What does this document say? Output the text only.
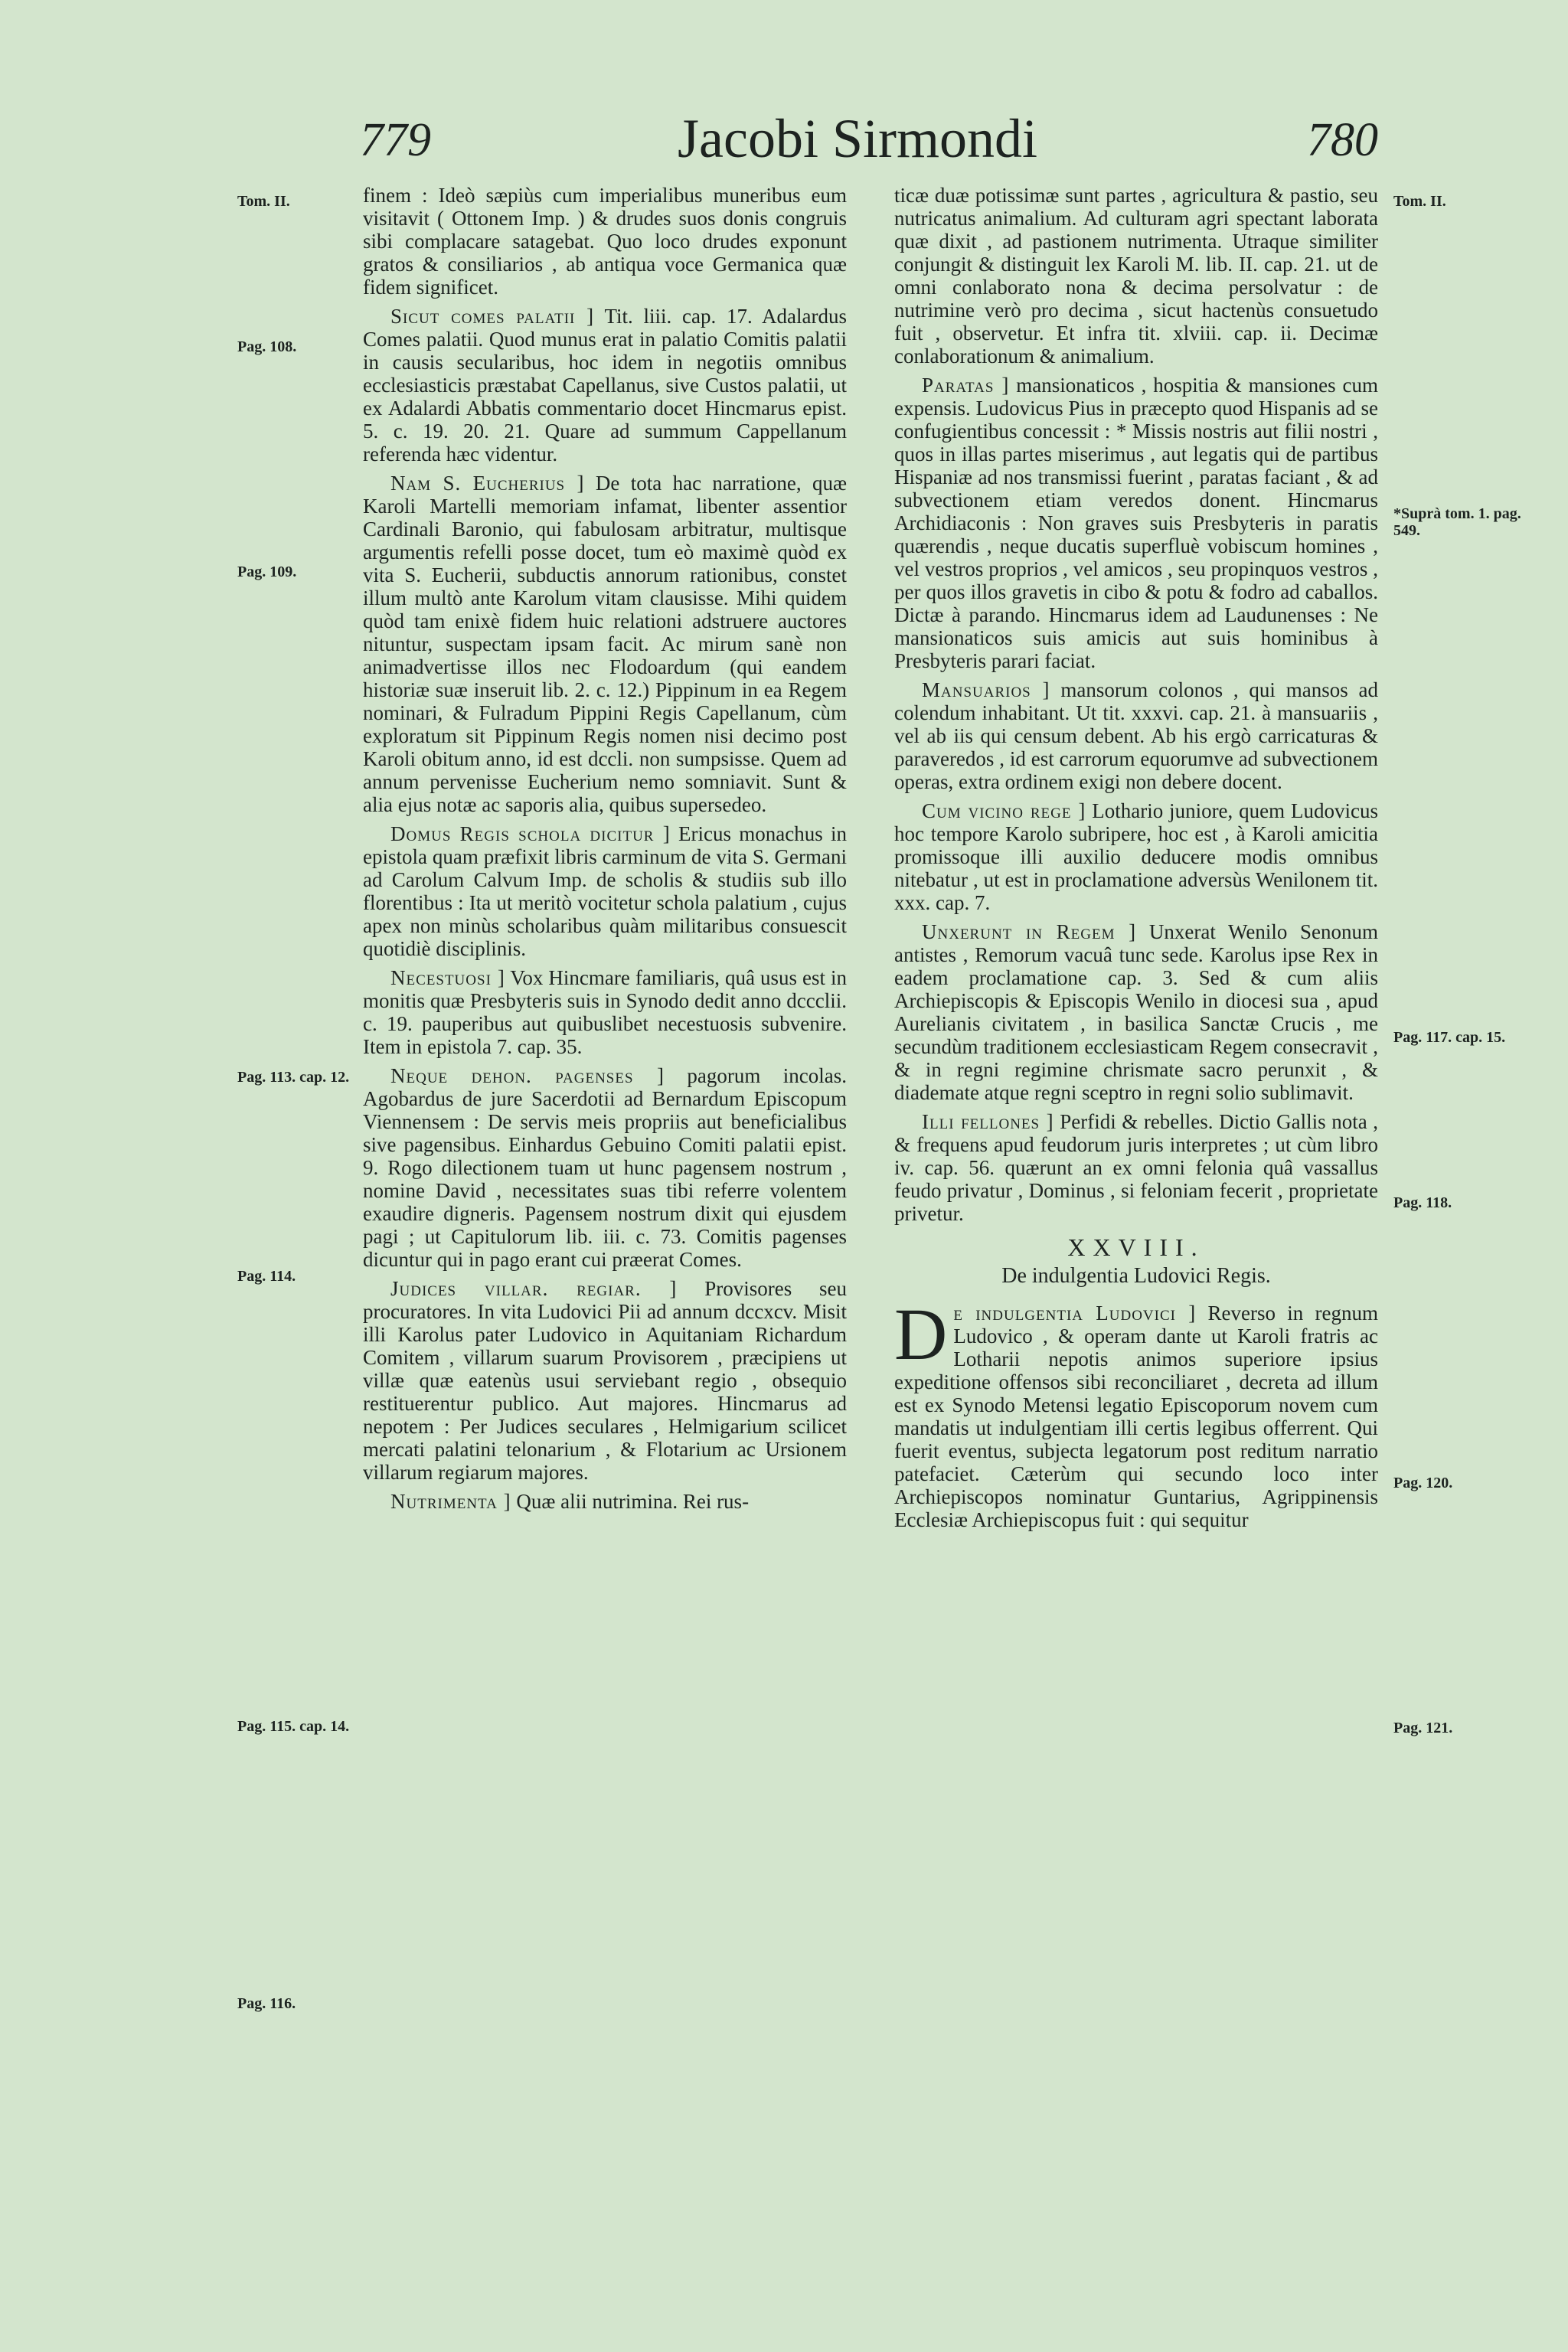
779	Jacobi Sirmondi	780
Tom. II.
Pag. 108.
Pag. 109.
Pag. 113. cap. 12.
Pag. 114.
Pag. 115. cap. 14.
Pag. 116.
Tom. II.
*Suprà tom. 1. pag. 549.
Pag. 117. cap. 15.
Pag. 118.
Pag. 120.
Pag. 121.

finem : Ideò sæpiùs cum imperialibus muneribus eum visitavit ( Ottonem Imp. ) & drudes suos donis congruis sibi complacare satagebat. Quo loco drudes exponunt gratos & consiliarios , ab antiqua voce Germanica quæ fidem significet.

Sicut comes palatii ] Tit. liii. cap. 17. Adalardus Comes palatii. Quod munus erat in palatio Comitis palatii in causis secularibus, hoc idem in negotiis omnibus ecclesiasticis præstabat Capellanus, sive Custos palatii, ut ex Adalardi Abbatis commentario docet Hincmarus epist. 5. c. 19. 20. 21. Quare ad summum Cappellanum referenda hæc videntur.

Nam S. Eucherius ] De tota hac narratione, quæ Karoli Martelli memoriam infamat, libenter assentior Cardinali Baronio, qui fabulosam arbitratur, multisque argumentis refelli posse docet, tum eò maximè quòd ex vita S. Eucherii, subductis annorum rationibus, constet illum multò ante Karolum vitam clausisse. Mihi quidem quòd tam enixè fidem huic relationi adstruere auctores nituntur, suspectam ipsam facit. Ac mirum sanè non animadvertisse illos nec Flodoardum (qui eandem historiæ suæ inseruit lib. 2. c. 12.) Pippinum in ea Regem nominari, & Fulradum Pippini Regis Capellanum, cùm exploratum sit Pippinum Regis nomen nisi decimo post Karoli obitum anno, id est dccli. non sumpsisse. Quem ad annum pervenisse Eucherium nemo somniavit. Sunt & alia ejus notæ ac saporis alia, quibus supersedeo.

Domus Regis schola dicitur ] Ericus monachus in epistola quam præfixit libris carminum de vita S. Germani ad Carolum Calvum Imp. de scholis & studiis sub illo florentibus : Ita ut meritò vocitetur schola palatium , cujus apex non minùs scholaribus quàm militaribus consuescit quotidiè disciplinis.

Necestuosi ] Vox Hincmare familiaris, quâ usus est in monitis quæ Presbyteris suis in Synodo dedit anno dccclii. c. 19. pauperibus aut quibuslibet necestuosis subvenire. Item in epistola 7. cap. 35.

Neque dehon. pagenses ] pagorum incolas. Agobardus de jure Sacerdotii ad Bernardum Episcopum Viennensem : De servis meis propriis aut beneficialibus sive pagensibus. Einhardus Gebuino Comiti palatii epist. 9. Rogo dilectionem tuam ut hunc pagensem nostrum , nomine David , necessitates suas tibi referre volentem exaudire digneris. Pagensem nostrum dixit qui ejusdem pagi ; ut Capitulorum lib. iii. c. 73. Comitis pagenses dicuntur qui in pago erant cui præerat Comes.

Judices villar. regiar. ] Provisores seu procuratores. In vita Ludovici Pii ad annum dccxcv. Misit illi Karolus pater Ludovico in Aquitaniam Richardum Comitem , villarum suarum Provisorem , præcipiens ut villæ quæ eatenùs usui serviebant regio , obsequio restituerentur publico. Aut majores. Hincmarus ad nepotem : Per Judices seculares , Helmigarium scilicet mercati palatini telonarium , & Flotarium ac Ursionem villarum regiarum majores.

Nutrimenta ] Quæ alii nutrimina. Rei rus-

ticæ duæ potissimæ sunt partes , agricultura & pastio, seu nutricatus animalium. Ad culturam agri spectant laborata quæ dixit , ad pastionem nutrimenta. Utraque similiter conjungit & distinguit lex Karoli M. lib. II. cap. 21. ut de omni conlaborato nona & decima persolvatur : de nutrimine verò pro decima , sicut hactenùs consuetudo fuit , observetur. Et infra tit. xlviii. cap. ii. Decimæ conlaborationum & animalium.

Paratas ] mansionaticos , hospitia & mansiones cum expensis. Ludovicus Pius in præcepto quod Hispanis ad se confugientibus concessit : * Missis nostris aut filii nostri , quos in illas partes miserimus , aut legatis qui de partibus Hispaniæ ad nos transmissi fuerint , paratas faciant , & ad subvectionem etiam veredos donent. Hincmarus Archidiaconis : Non graves suis Presbyteris in paratis quærendis , neque ducatis superfluè vobiscum homines , vel vestros proprios , vel amicos , seu propinquos vestros , per quos illos gravetis in cibo & potu & fodro ad caballos. Dictæ à parando. Hincmarus idem ad Laudunenses : Ne mansionaticos suis amicis aut suis hominibus à Presbyteris parari faciat.

Mansuarios ] mansorum colonos , qui mansos ad colendum inhabitant. Ut tit. xxxvi. cap. 21. à mansuariis , vel ab iis qui censum debent. Ab his ergò carricaturas & paraveredos , id est carrorum equorumve ad subvectionem operas, extra ordinem exigi non debere docent.

Cum vicino rege ] Lothario juniore, quem Ludovicus hoc tempore Karolo subripere, hoc est , à Karoli amicitia promissoque illi auxilio deducere modis omnibus nitebatur , ut est in proclamatione adversùs Wenilonem tit. xxx. cap. 7.

Unxerunt in Regem ] Unxerat Wenilo Senonum antistes , Remorum vacuâ tunc sede. Karolus ipse Rex in eadem proclamatione cap. 3. Sed & cum aliis Archiepiscopis & Episcopis Wenilo in diocesi sua , apud Aurelianis civitatem , in basilica Sanctæ Crucis , me secundùm traditionem ecclesiasticam Regem consecravit , & in regni regimine chrismate sacro perunxit , & diademate atque regni sceptro in regni solio sublimavit.

Illi fellones ] Perfidi & rebelles. Dictio Gallis nota , & frequens apud feudorum juris interpretes ; ut cùm libro iv. cap. 56. quærunt an ex omni felonia quâ vassallus feudo privatur , Dominus , si feloniam fecerit , proprietate privetur.

XXVIII.
De indulgentia Ludovici Regis.

D e indulgentia Ludovici ] Reverso in regnum Ludovico , & operam dante ut Karoli fratris ac Lotharii nepotis animos superiore ipsius expeditione offensos sibi reconciliaret , decreta ad illum est ex Synodo Metensi legatio Episcoporum novem cum mandatis ut indulgentiam illi certis legibus offerrent. Qui fuerit eventus, subjecta legatorum post reditum narratio patefaciet. Cæterùm qui secundo loco inter Archiepiscopos nominatur Guntarius, Agrippinensis Ecclesiæ Archiepiscopus fuit : qui sequitur
